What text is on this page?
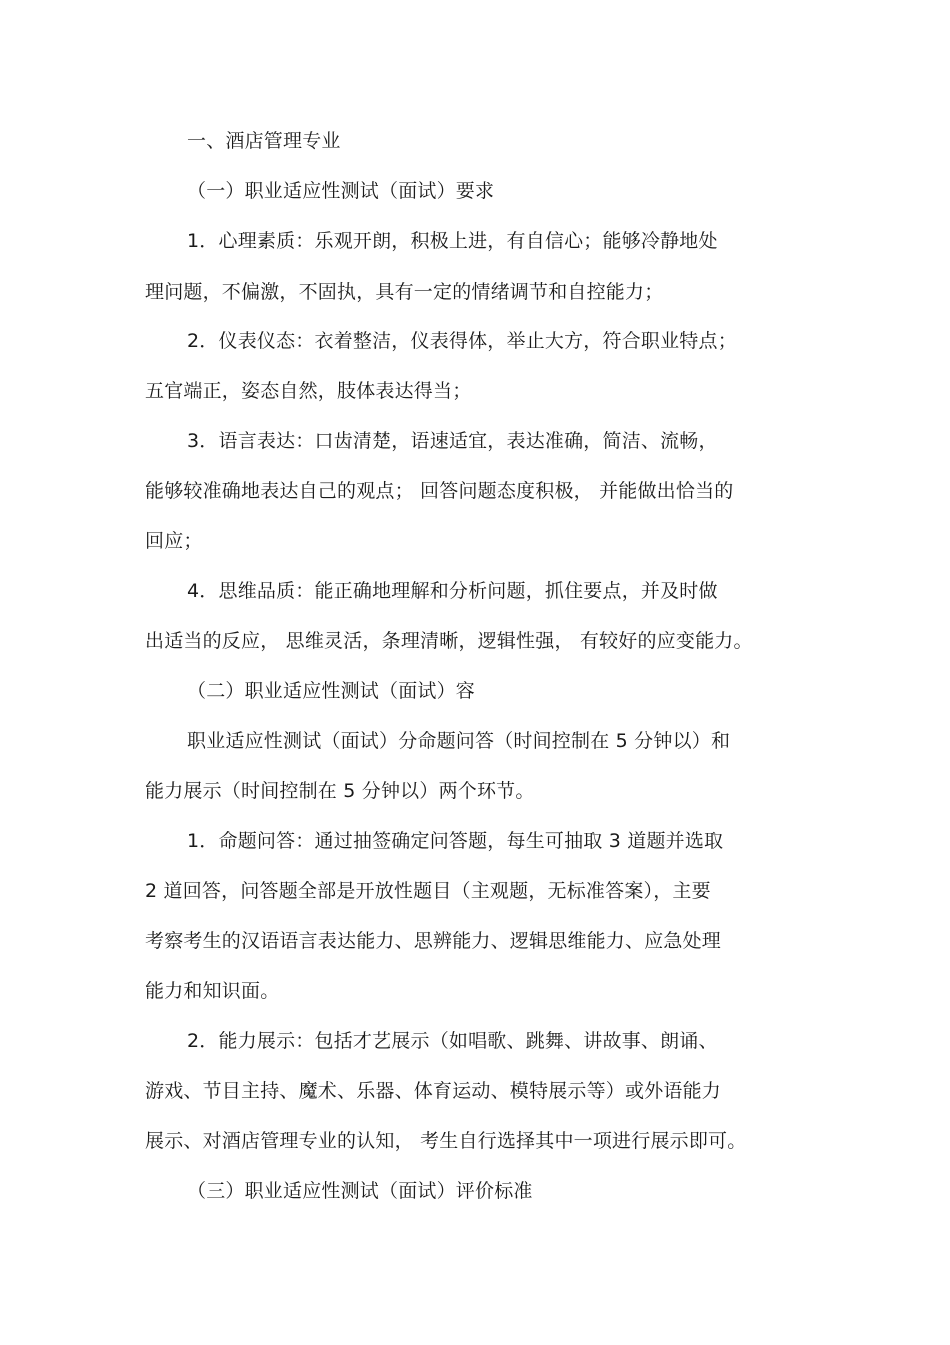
一、酒店管理专业
（一）职业适应性测试（面试）要求
1．心理素质：乐观开朗，积极上进，有自信心；能够冷静地处
理问题，不偏激，不固执，具有一定的情绪调节和自控能力；
2．仪表仪态：衣着整洁，仪表得体，举止大方，符合职业特点；
五官端正，姿态自然，肢体表达得当；
3．语言表达：口齿清楚，语速适宜，表达准确，简洁、流畅，
能够较准确地表达自己的观点； 回答问题态度积极， 并能做出恰当的
回应；
4．思维品质：能正确地理解和分析问题，抓住要点，并及时做
出适当的反应， 思维灵活，条理清晰，逻辑性强， 有较好的应变能力。
（二）职业适应性测试（面试）容
职业适应性测试（面试）分命题问答（时间控制在 5 分钟以）和
能力展示（时间控制在 5 分钟以）两个环节。
1．命题问答：通过抽签确定问答题，每生可抽取 3 道题并选取
2 道回答，问答题全部是开放性题目（主观题，无标准答案），主要
考察考生的汉语语言表达能力、思辨能力、逻辑思维能力、应急处理
能力和知识面。
2．能力展示：包括才艺展示（如唱歌、跳舞、讲故事、朗诵、
游戏、节目主持、魔术、乐器、体育运动、模特展示等）或外语能力
展示、对酒店管理专业的认知， 考生自行选择其中一项进行展示即可。
（三）职业适应性测试（面试）评价标准
